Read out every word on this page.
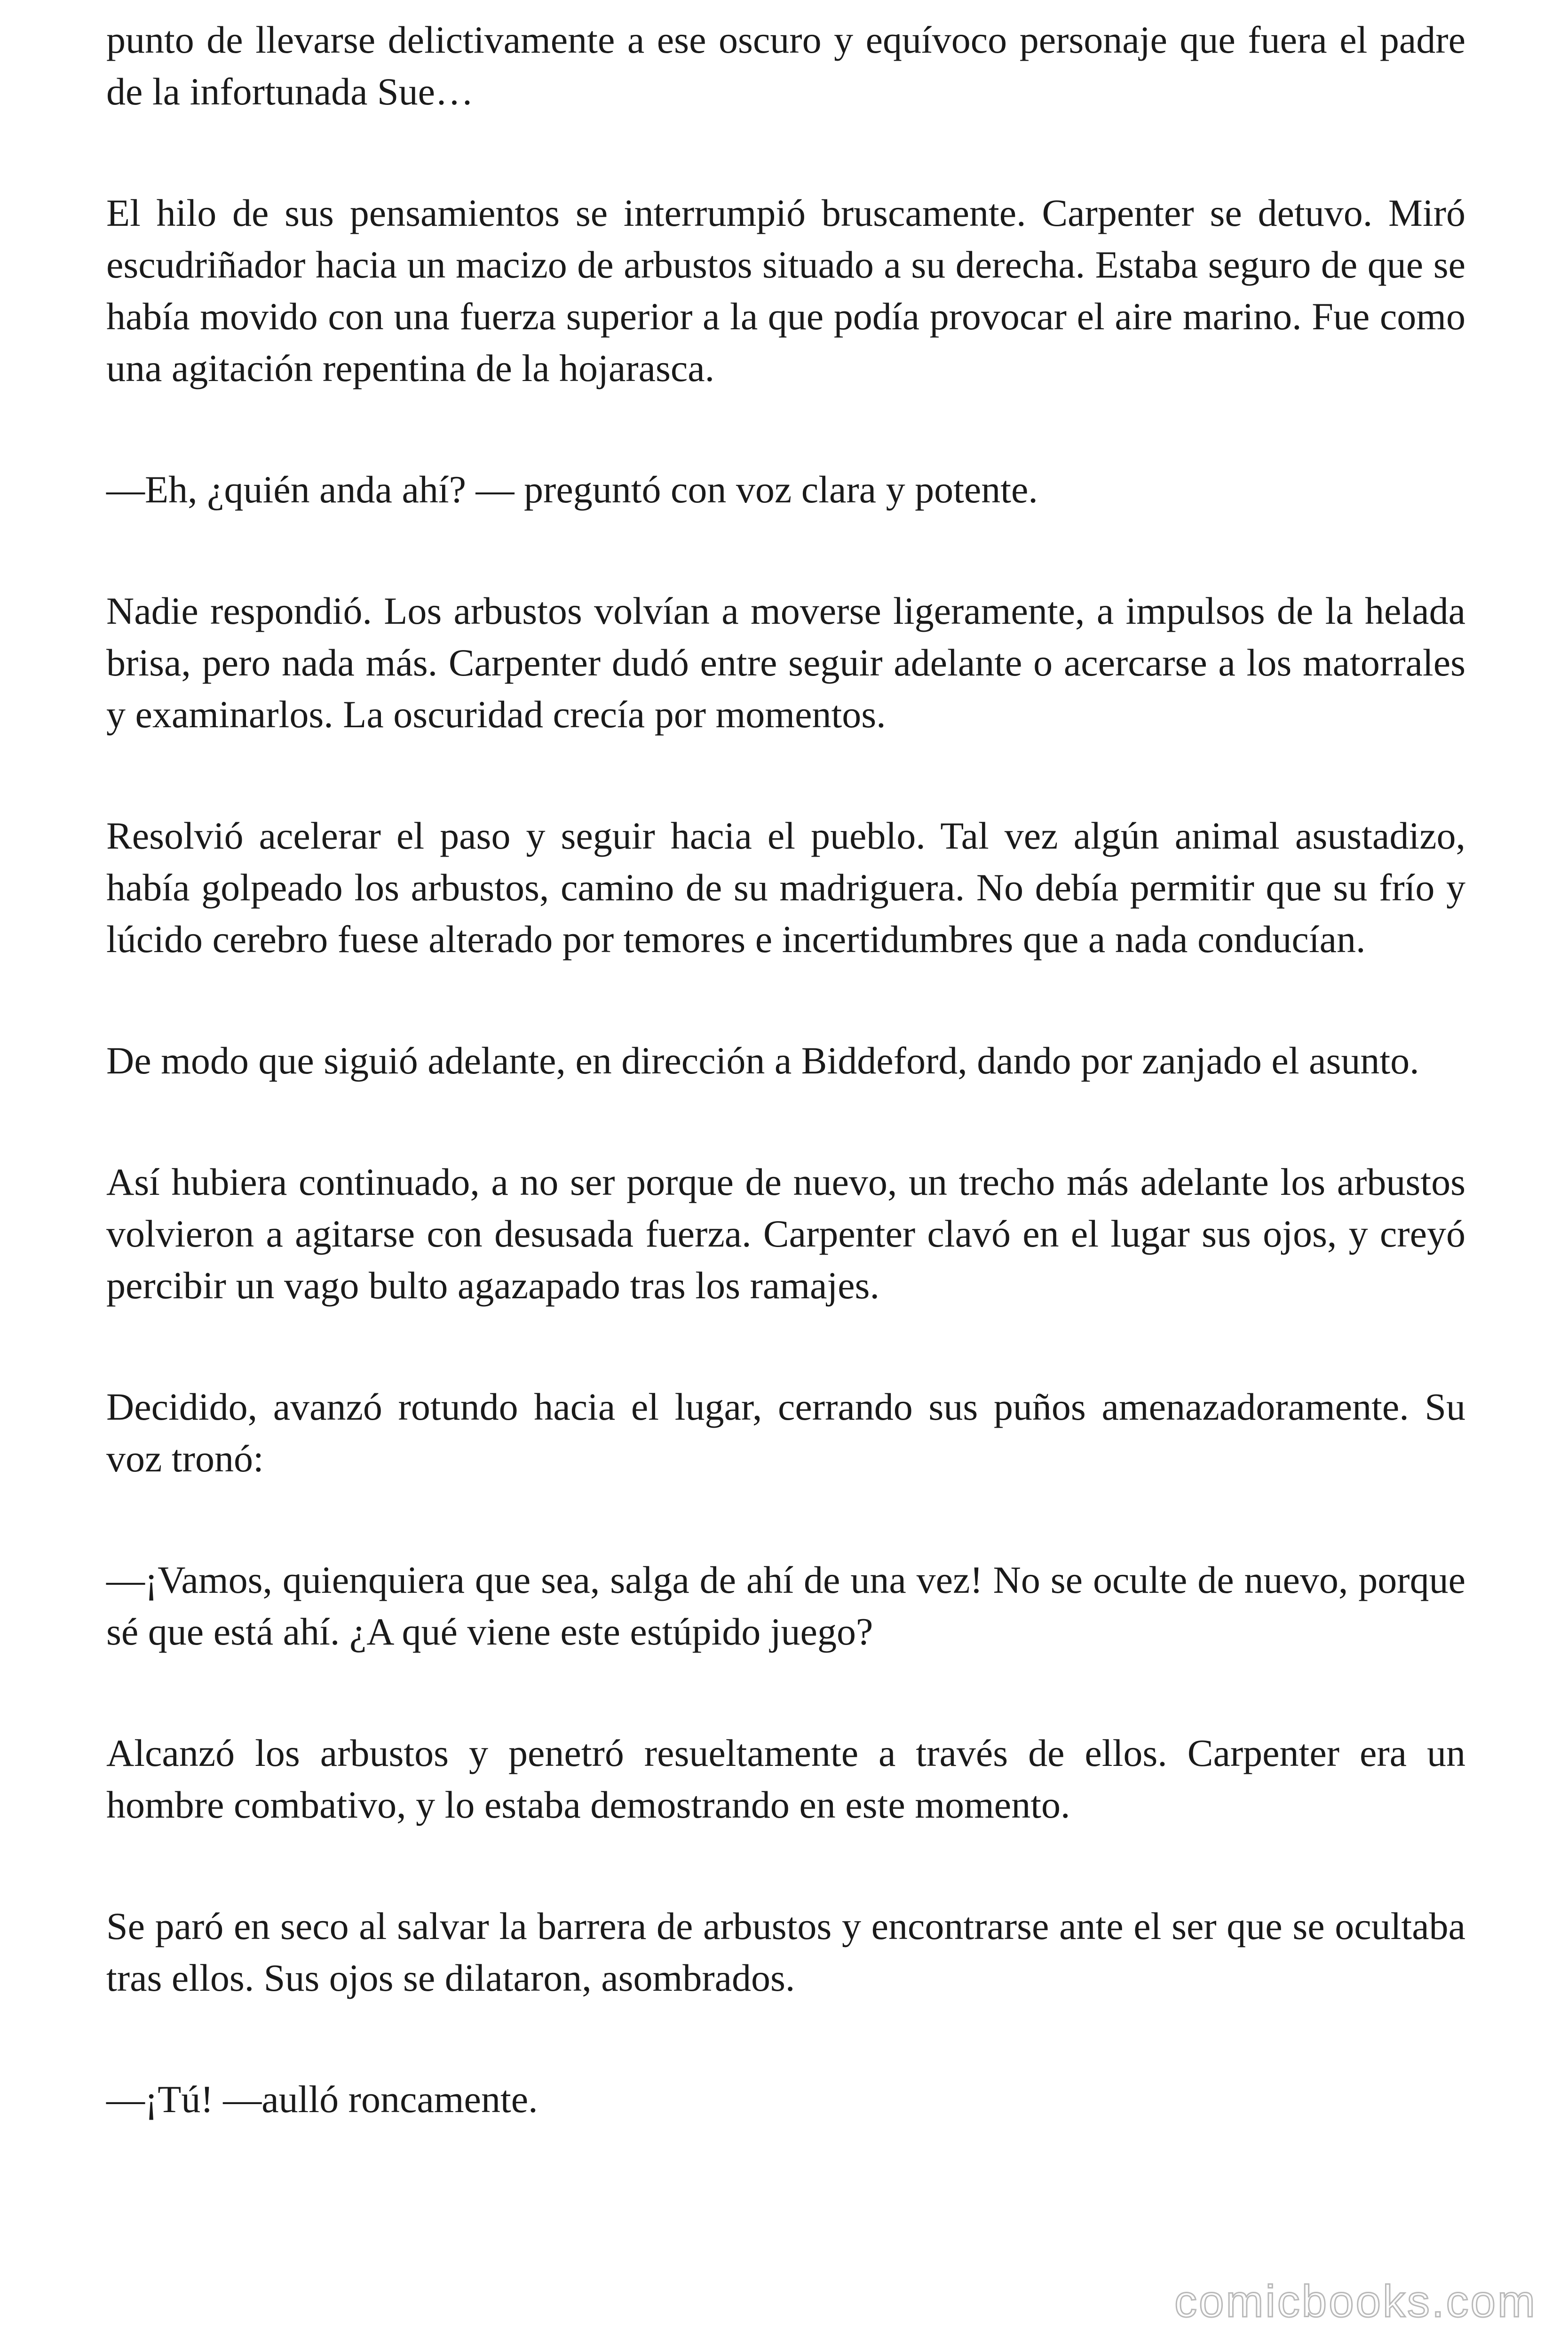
punto de llevarse delictivamente a ese oscuro y equívoco personaje que fuera el padre de la infortunada Sue…

El hilo de sus pensamientos se interrumpió bruscamente. Carpenter se detuvo. Miró escudriñador hacia un macizo de arbustos situado a su derecha. Estaba seguro de que se había movido con una fuerza superior a la que podía provocar el aire marino. Fue como una agitación repentina de la hojarasca.

—Eh, ¿quién anda ahí? — preguntó con voz clara y potente.

Nadie respondió. Los arbustos volvían a moverse ligeramente, a impulsos de la helada brisa, pero nada más. Carpenter dudó entre seguir adelante o acercarse a los matorrales y examinarlos. La oscuridad crecía por momentos.

Resolvió acelerar el paso y seguir hacia el pueblo. Tal vez algún animal asustadizo, había golpeado los arbustos, camino de su madriguera. No debía permitir que su frío y lúcido cerebro fuese alterado por temores e incertidumbres que a nada conducían.

De modo que siguió adelante, en dirección a Biddeford, dando por zanjado el asunto.

Así hubiera continuado, a no ser porque de nuevo, un trecho más adelante los arbustos volvieron a agitarse con desusada fuerza. Carpenter clavó en el lugar sus ojos, y creyó percibir un vago bulto agazapado tras los ramajes.

Decidido, avanzó rotundo hacia el lugar, cerrando sus puños amenazadoramente. Su voz tronó:

—¡Vamos, quienquiera que sea, salga de ahí de una vez! No se oculte de nuevo, porque sé que está ahí. ¿A qué viene este estúpido juego?

Alcanzó los arbustos y penetró resueltamente a través de ellos. Carpenter era un hombre combativo, y lo estaba demostrando en este momento.

Se paró en seco al salvar la barrera de arbustos y encontrarse ante el ser que se ocultaba tras ellos. Sus ojos se dilataron, asombrados.

—¡Tú! —aulló roncamente.

comicbooks.com
